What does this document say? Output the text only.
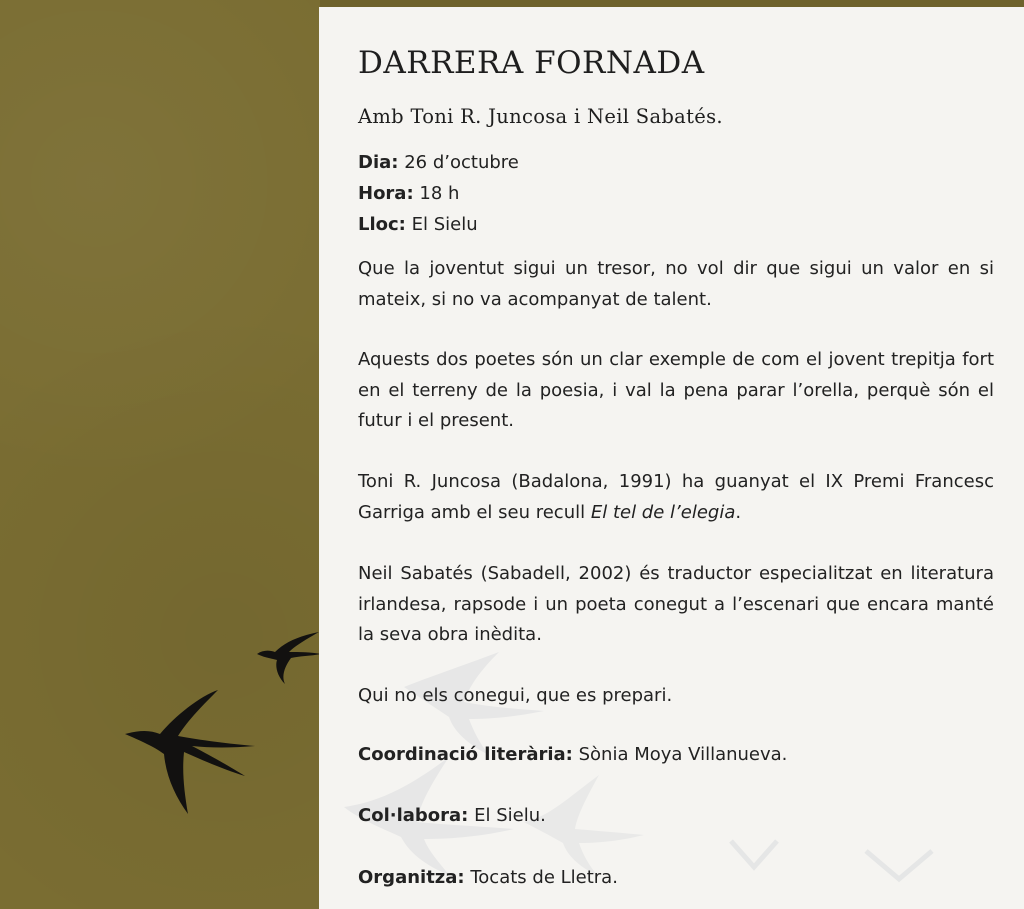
DARRERA FORNADA
Amb Toni R. Juncosa i Neil Sabatés.
Dia: 26 d’octubre
Hora: 18 h
Lloc: El Sielu

Que la joventut sigui un tresor, no vol dir que sigui un valor en si mateix, si no va acompanyat de talent.

Aquests dos poetes són un clar exemple de com el jovent trepitja fort en el terreny de la poesia, i val la pena parar l’orella, perquè són el futur i el present.

Toni R. Juncosa (Badalona, 1991) ha guanyat el IX Premi Francesc Garriga amb el seu recull El tel de l’elegia.

Neil Sabatés (Sabadell, 2002) és traductor especialitzat en literatura irlandesa, rapsode i un poeta conegut a l’escenari que encara manté la seva obra inèdita.

Qui no els conegui, que es prepari.

Coordinació literària: Sònia Moya Villanueva.
Col·labora: El Sielu.
Organitza: Tocats de Lletra.
